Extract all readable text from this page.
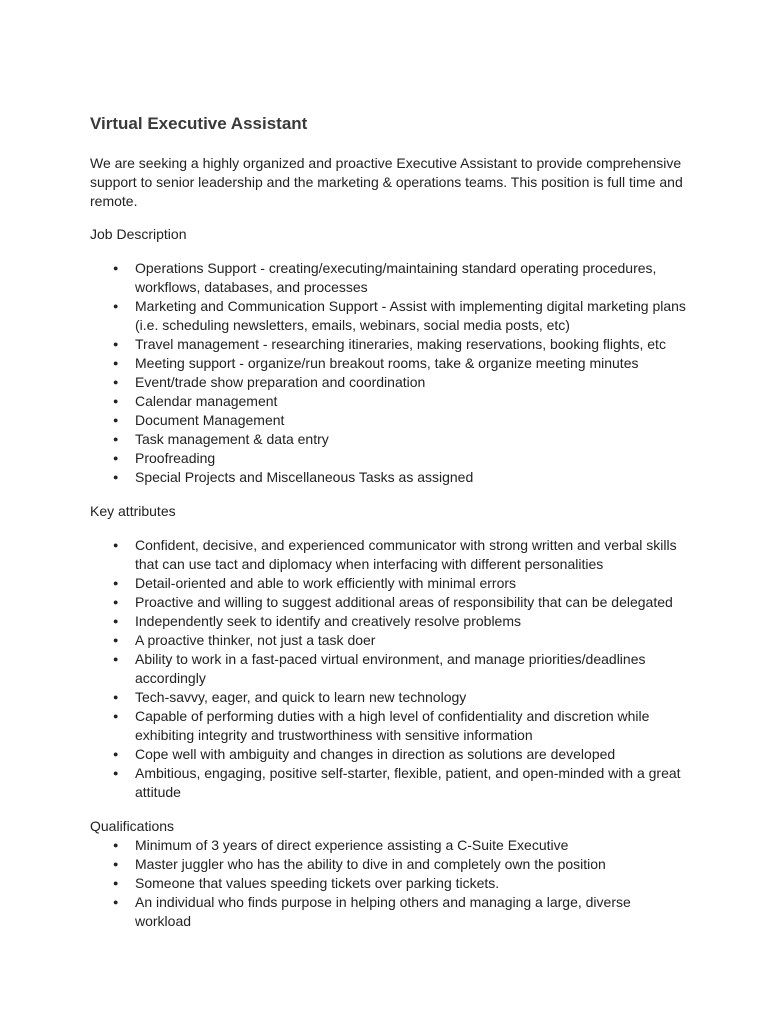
Virtual Executive Assistant

We are seeking a highly organized and proactive Executive Assistant to provide comprehensive support to senior leadership and the marketing & operations teams. This position is full time and remote.

Job Description

● Operations Support - creating/executing/maintaining standard operating procedures, workflows, databases, and processes
● Marketing and Communication Support - Assist with implementing digital marketing plans (i.e. scheduling newsletters, emails, webinars, social media posts, etc)
● Travel management - researching itineraries, making reservations, booking flights, etc
● Meeting support - organize/run breakout rooms, take & organize meeting minutes
● Event/trade show preparation and coordination
● Calendar management
● Document Management
● Task management & data entry
● Proofreading
● Special Projects and Miscellaneous Tasks as assigned

Key attributes

● Confident, decisive, and experienced communicator with strong written and verbal skills that can use tact and diplomacy when interfacing with different personalities
● Detail-oriented and able to work efficiently with minimal errors
● Proactive and willing to suggest additional areas of responsibility that can be delegated
● Independently seek to identify and creatively resolve problems
● A proactive thinker, not just a task doer
● Ability to work in a fast-paced virtual environment, and manage priorities/deadlines accordingly
● Tech-savvy, eager, and quick to learn new technology
● Capable of performing duties with a high level of confidentiality and discretion while exhibiting integrity and trustworthiness with sensitive information
● Cope well with ambiguity and changes in direction as solutions are developed
● Ambitious, engaging, positive self-starter, flexible, patient, and open-minded with a great attitude

Qualifications

● Minimum of 3 years of direct experience assisting a C-Suite Executive
● Master juggler who has the ability to dive in and completely own the position
● Someone that values speeding tickets over parking tickets.
● An individual who finds purpose in helping others and managing a large, diverse workload
